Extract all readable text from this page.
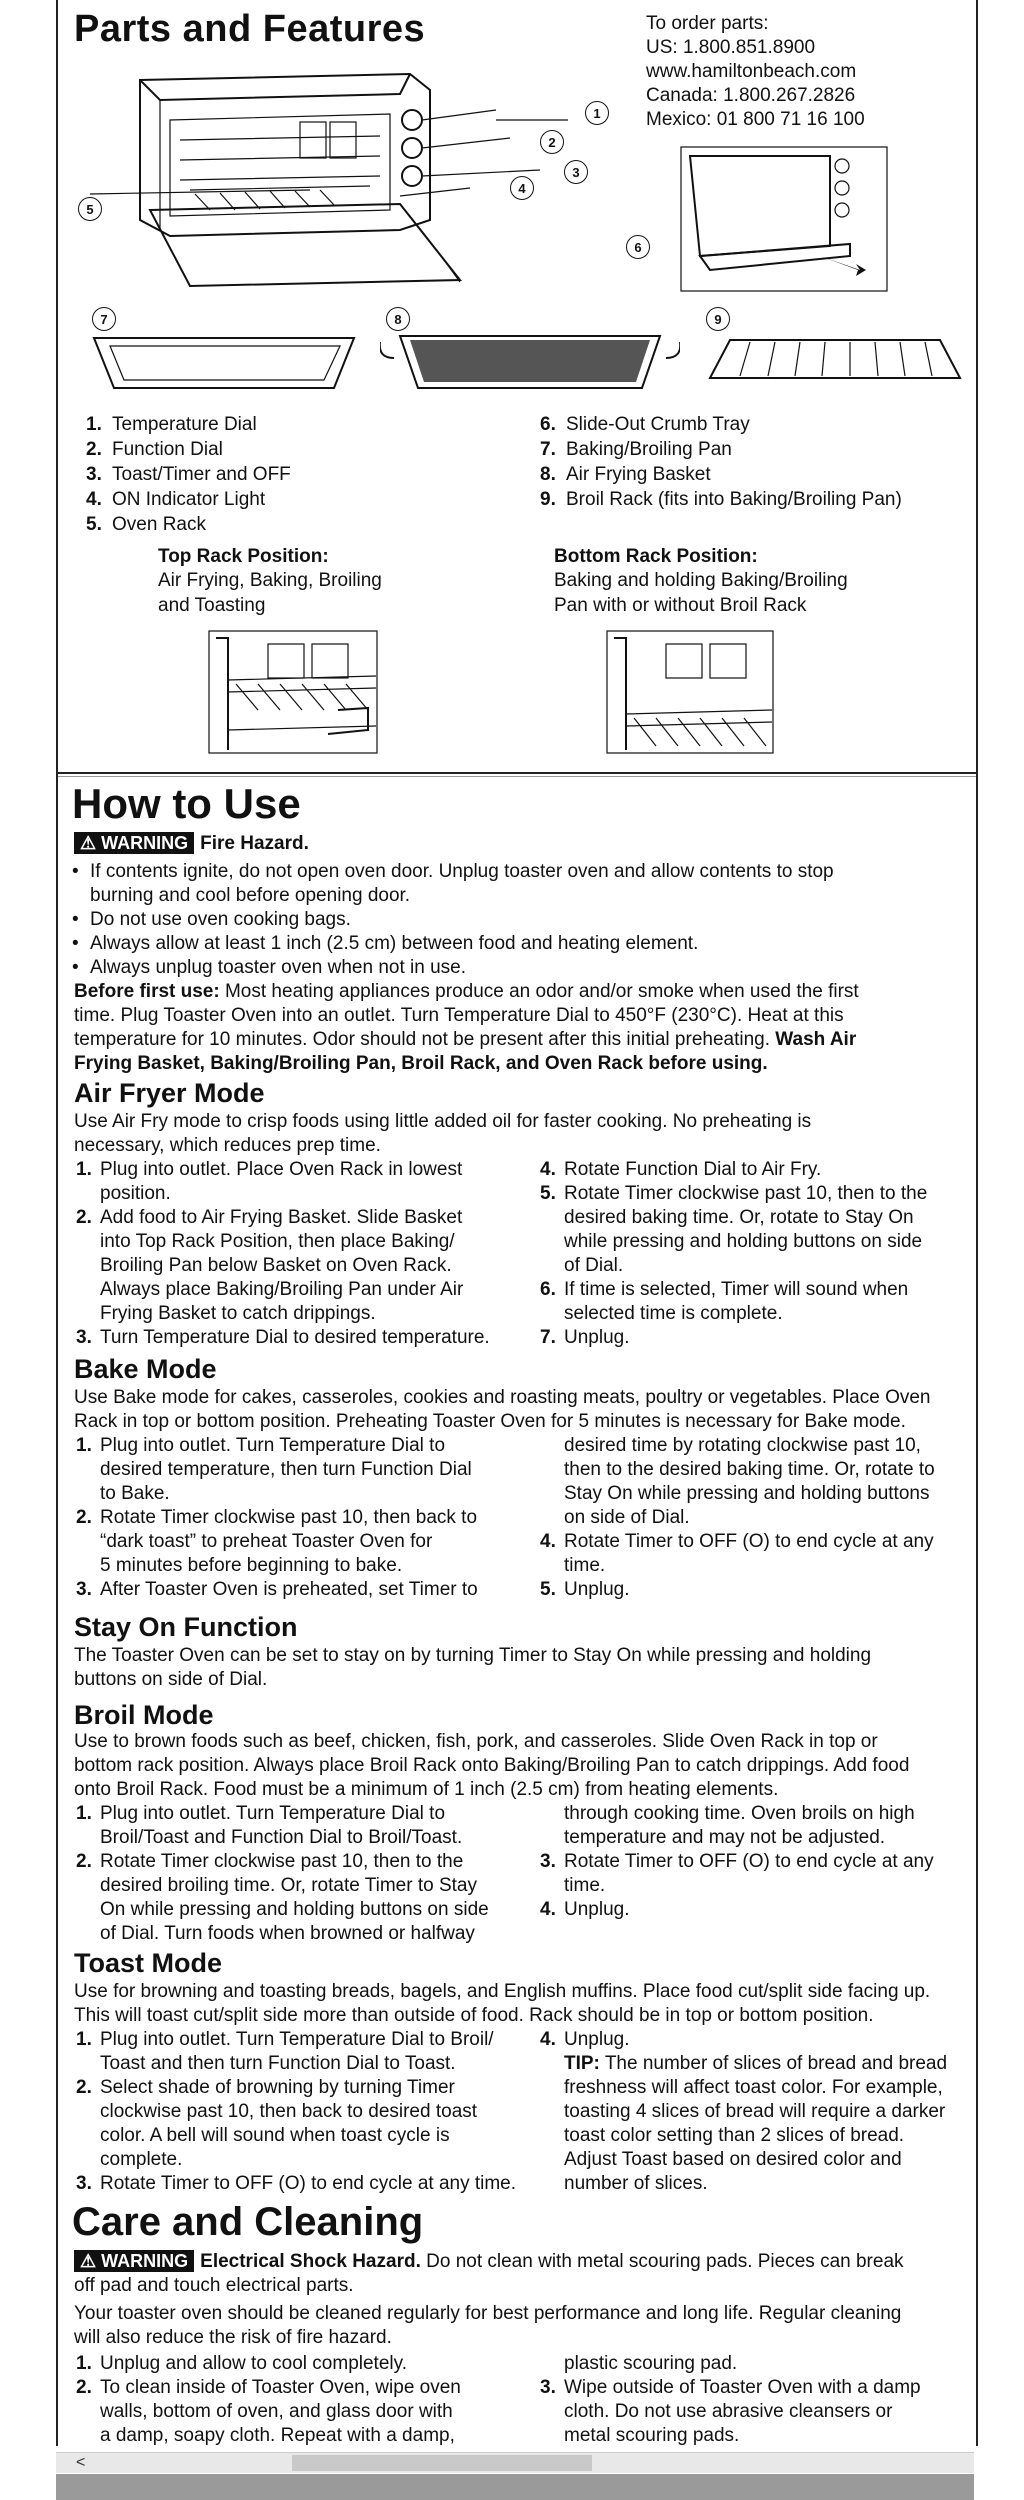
Parts and Features	To order parts:
US: 1.800.851.8900
www.hamiltonbeach.com
Canada: 1.800.267.2826
Mexico: 01 800 71 16 100
1
2
3
4
5
6
7	8	9
1. Temperature Dial
2. Function Dial
3. Toast/Timer and OFF
4. ON Indicator Light
5. Oven Rack
6. Slide-Out Crumb Tray
7. Baking/Broiling Pan
8. Air Frying Basket
9. Broil Rack (fits into Baking/Broiling Pan)
Top Rack Position:
Air Frying, Baking, Broiling
and Toasting
Bottom Rack Position:
Baking and holding Baking/Broiling
Pan with or without Broil Rack
How to Use
⚠ WARNING Fire Hazard.
• If contents ignite, do not open oven door. Unplug toaster oven and allow contents to stop
burning and cool before opening door.
• Do not use oven cooking bags.
• Always allow at least 1 inch (2.5 cm) between food and heating element.
• Always unplug toaster oven when not in use.
Before first use: Most heating appliances produce an odor and/or smoke when used the first
time. Plug Toaster Oven into an outlet. Turn Temperature Dial to 450°F (230°C). Heat at this
temperature for 10 minutes. Odor should not be present after this initial preheating. Wash Air
Frying Basket, Baking/Broiling Pan, Broil Rack, and Oven Rack before using.
Air Fryer Mode
Use Air Fry mode to crisp foods using little added oil for faster cooking. No preheating is
necessary, which reduces prep time.
1. Plug into outlet. Place Oven Rack in lowest
position.
2. Add food to Air Frying Basket. Slide Basket
into Top Rack Position, then place Baking/
Broiling Pan below Basket on Oven Rack.
Always place Baking/Broiling Pan under Air
Frying Basket to catch drippings.
3. Turn Temperature Dial to desired temperature.
4. Rotate Function Dial to Air Fry.
5. Rotate Timer clockwise past 10, then to the
desired baking time. Or, rotate to Stay On
while pressing and holding buttons on side
of Dial.
6. If time is selected, Timer will sound when
selected time is complete.
7. Unplug.
Bake Mode
Use Bake mode for cakes, casseroles, cookies and roasting meats, poultry or vegetables. Place Oven
Rack in top or bottom position. Preheating Toaster Oven for 5 minutes is necessary for Bake mode.
1. Plug into outlet. Turn Temperature Dial to
desired temperature, then turn Function Dial
to Bake.
2. Rotate Timer clockwise past 10, then back to
“dark toast” to preheat Toaster Oven for
5 minutes before beginning to bake.
3. After Toaster Oven is preheated, set Timer to
desired time by rotating clockwise past 10,
then to the desired baking time. Or, rotate to
Stay On while pressing and holding buttons
on side of Dial.
4. Rotate Timer to OFF (O) to end cycle at any
time.
5. Unplug.
Stay On Function
The Toaster Oven can be set to stay on by turning Timer to Stay On while pressing and holding
buttons on side of Dial.
Broil Mode
Use to brown foods such as beef, chicken, fish, pork, and casseroles. Slide Oven Rack in top or
bottom rack position. Always place Broil Rack onto Baking/Broiling Pan to catch drippings. Add food
onto Broil Rack. Food must be a minimum of 1 inch (2.5 cm) from heating elements.
1. Plug into outlet. Turn Temperature Dial to
Broil/Toast and Function Dial to Broil/Toast.
2. Rotate Timer clockwise past 10, then to the
desired broiling time. Or, rotate Timer to Stay
On while pressing and holding buttons on side
of Dial. Turn foods when browned or halfway
through cooking time. Oven broils on high
temperature and may not be adjusted.
3. Rotate Timer to OFF (O) to end cycle at any
time.
4. Unplug.
Toast Mode
Use for browning and toasting breads, bagels, and English muffins. Place food cut/split side facing up.
This will toast cut/split side more than outside of food. Rack should be in top or bottom position.
1. Plug into outlet. Turn Temperature Dial to Broil/
Toast and then turn Function Dial to Toast.
2. Select shade of browning by turning Timer
clockwise past 10, then back to desired toast
color. A bell will sound when toast cycle is
complete.
3. Rotate Timer to OFF (O) to end cycle at any time.
4. Unplug.
TIP: The number of slices of bread and bread
freshness will affect toast color. For example,
toasting 4 slices of bread will require a darker
toast color setting than 2 slices of bread.
Adjust Toast based on desired color and
number of slices.
Care and Cleaning
⚠ WARNING Electrical Shock Hazard. Do not clean with metal scouring pads. Pieces can break
off pad and touch electrical parts.
Your toaster oven should be cleaned regularly for best performance and long life. Regular cleaning
will also reduce the risk of fire hazard.
1. Unplug and allow to cool completely.
2. To clean inside of Toaster Oven, wipe oven
walls, bottom of oven, and glass door with
a damp, soapy cloth. Repeat with a damp,
plastic scouring pad.
3. Wipe outside of Toaster Oven with a damp
cloth. Do not use abrasive cleansers or
metal scouring pads.
<
